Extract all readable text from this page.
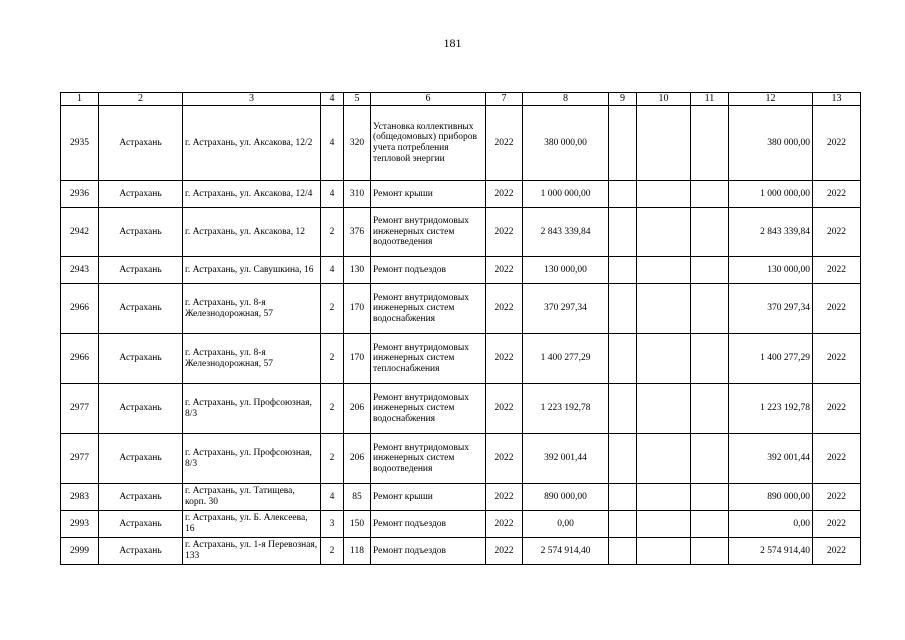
181
1	2	3	4	5	6	7	8	9	10	11	12	13
2935	Астрахань	г. Астрахань, ул. Аксакова, 12/2	4	320	Установка коллективных (общедомовых) приборов учета потребления тепловой энергии	2022	380 000,00				380 000,00	2022
2936	Астрахань	г. Астрахань, ул. Аксакова, 12/4	4	310	Ремонт крыши	2022	1 000 000,00				1 000 000,00	2022
2942	Астрахань	г. Астрахань, ул. Аксакова, 12	2	376	Ремонт внутридомовых инженерных систем водоотведения	2022	2 843 339,84				2 843 339,84	2022
2943	Астрахань	г. Астрахань, ул. Савушкина, 16	4	130	Ремонт подъездов	2022	130 000,00				130 000,00	2022
2966	Астрахань	г. Астрахань, ул. 8-я Железнодорожная, 57	2	170	Ремонт внутридомовых инженерных систем водоснабжения	2022	370 297,34				370 297,34	2022
2966	Астрахань	г. Астрахань, ул. 8-я Железнодорожная, 57	2	170	Ремонт внутридомовых инженерных систем теплоснабжения	2022	1 400 277,29				1 400 277,29	2022
2977	Астрахань	г. Астрахань, ул. Профсоюзная, 8/3	2	206	Ремонт внутридомовых инженерных систем водоснабжения	2022	1 223 192,78				1 223 192,78	2022
2977	Астрахань	г. Астрахань, ул. Профсоюзная, 8/3	2	206	Ремонт внутридомовых инженерных систем водоотведения	2022	392 001,44				392 001,44	2022
2983	Астрахань	г. Астрахань, ул. Татищева, корп. 30	4	85	Ремонт крыши	2022	890 000,00				890 000,00	2022
2993	Астрахань	г. Астрахань, ул. Б. Алексеева, 16	3	150	Ремонт подъездов	2022	0,00				0,00	2022
2999	Астрахань	г. Астрахань, ул. 1-я Перевозная, 133	2	118	Ремонт подъездов	2022	2 574 914,40				2 574 914,40	2022
